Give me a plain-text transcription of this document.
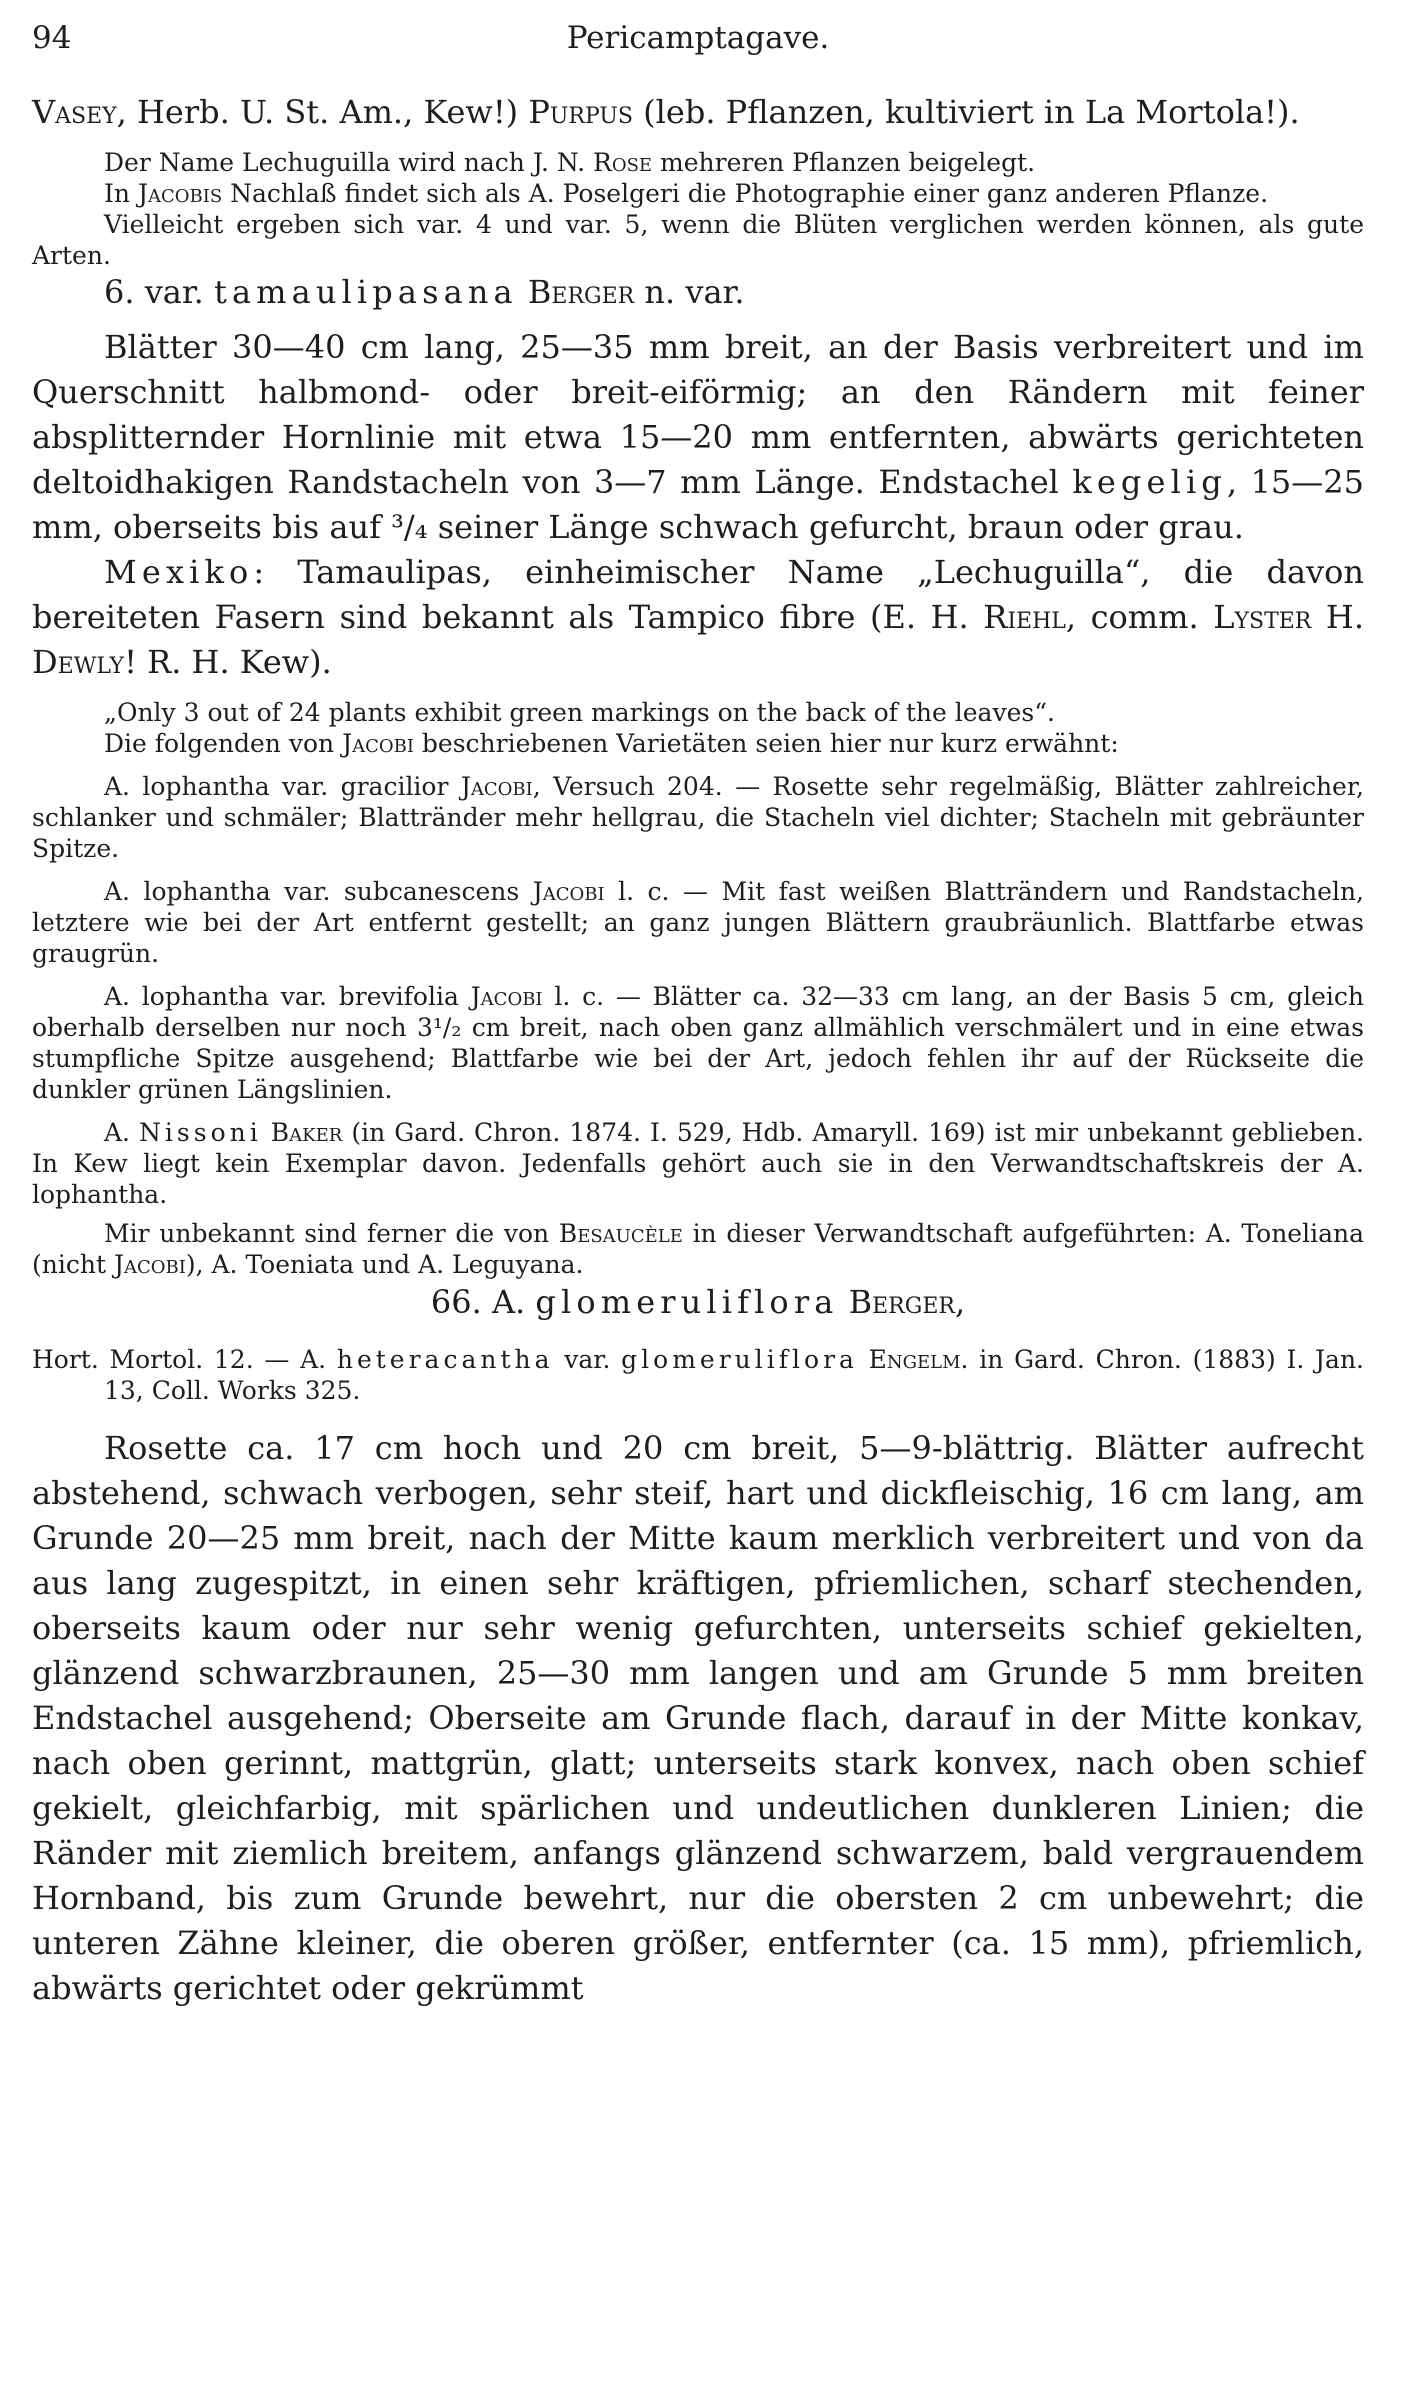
94	Pericamptagave.

Vasey, Herb. U. St. Am., Kew!) Purpus (leb. Pflanzen, kultiviert in La Mortola!).

Der Name Lechuguilla wird nach J. N. Rose mehreren Pflanzen beigelegt.

In Jacobis Nachlaß findet sich als A. Poselgeri die Photographie einer ganz anderen Pflanze.

Vielleicht ergeben sich var. 4 und var. 5, wenn die Blüten verglichen werden können, als gute Arten.

6. var. tamaulipasana Berger n. var.

Blätter 30—40 cm lang, 25—35 mm breit, an der Basis verbreitert und im Querschnitt halbmond- oder breit-eiförmig; an den Rändern mit feiner absplitternder Hornlinie mit etwa 15—20 mm entfernten, abwärts gerichteten deltoidhakigen Randstacheln von 3—7 mm Länge. Endstachel kegelig, 15—25 mm, oberseits bis auf ³/₄ seiner Länge schwach gefurcht, braun oder grau.

Mexiko: Tamaulipas, einheimischer Name „Lechuguilla“, die davon bereiteten Fasern sind bekannt als Tampico fibre (E. H. Riehl, comm. Lyster H. Dewly! R. H. Kew).

„Only 3 out of 24 plants exhibit green markings on the back of the leaves“.

Die folgenden von Jacobi beschriebenen Varietäten seien hier nur kurz erwähnt:

A. lophantha var. gracilior Jacobi, Versuch 204. — Rosette sehr regelmäßig, Blätter zahlreicher, schlanker und schmäler; Blattränder mehr hellgrau, die Stacheln viel dichter; Stacheln mit gebräunter Spitze.

A. lophantha var. subcanescens Jacobi l. c. — Mit fast weißen Blatträndern und Randstacheln, letztere wie bei der Art entfernt gestellt; an ganz jungen Blättern graubräunlich. Blattfarbe etwas graugrün.

A. lophantha var. brevifolia Jacobi l. c. — Blätter ca. 32—33 cm lang, an der Basis 5 cm, gleich oberhalb derselben nur noch 3¹/₂ cm breit, nach oben ganz allmählich verschmälert und in eine etwas stumpfliche Spitze ausgehend; Blattfarbe wie bei der Art, jedoch fehlen ihr auf der Rückseite die dunkler grünen Längslinien.

A. Nissoni Baker (in Gard. Chron. 1874. I. 529, Hdb. Amaryll. 169) ist mir unbekannt geblieben. In Kew liegt kein Exemplar davon. Jedenfalls gehört auch sie in den Verwandtschaftskreis der A. lophantha.

Mir unbekannt sind ferner die von Besaucèle in dieser Verwandtschaft aufgeführten: A. Toneliana (nicht Jacobi), A. Toeniata und A. Leguyana.

66. A. glomeruliflora Berger,

Hort. Mortol. 12. — A. heteracantha var. glomeruliflora Engelm. in Gard. Chron. (1883) I. Jan. 13, Coll. Works 325.

Rosette ca. 17 cm hoch und 20 cm breit, 5—9-blättrig. Blätter aufrecht abstehend, schwach verbogen, sehr steif, hart und dickfleischig, 16 cm lang, am Grunde 20—25 mm breit, nach der Mitte kaum merklich verbreitert und von da aus lang zugespitzt, in einen sehr kräftigen, pfriemlichen, scharf stechenden, oberseits kaum oder nur sehr wenig gefurchten, unterseits schief gekielten, glänzend schwarzbraunen, 25—30 mm langen und am Grunde 5 mm breiten Endstachel ausgehend; Oberseite am Grunde flach, darauf in der Mitte konkav, nach oben gerinnt, mattgrün, glatt; unterseits stark konvex, nach oben schief gekielt, gleichfarbig, mit spärlichen und undeutlichen dunkleren Linien; die Ränder mit ziemlich breitem, anfangs glänzend schwarzem, bald vergrauendem Hornband, bis zum Grunde bewehrt, nur die obersten 2 cm unbewehrt; die unteren Zähne kleiner, die oberen größer, entfernter (ca. 15 mm), pfriemlich, abwärts gerichtet oder gekrümmt
